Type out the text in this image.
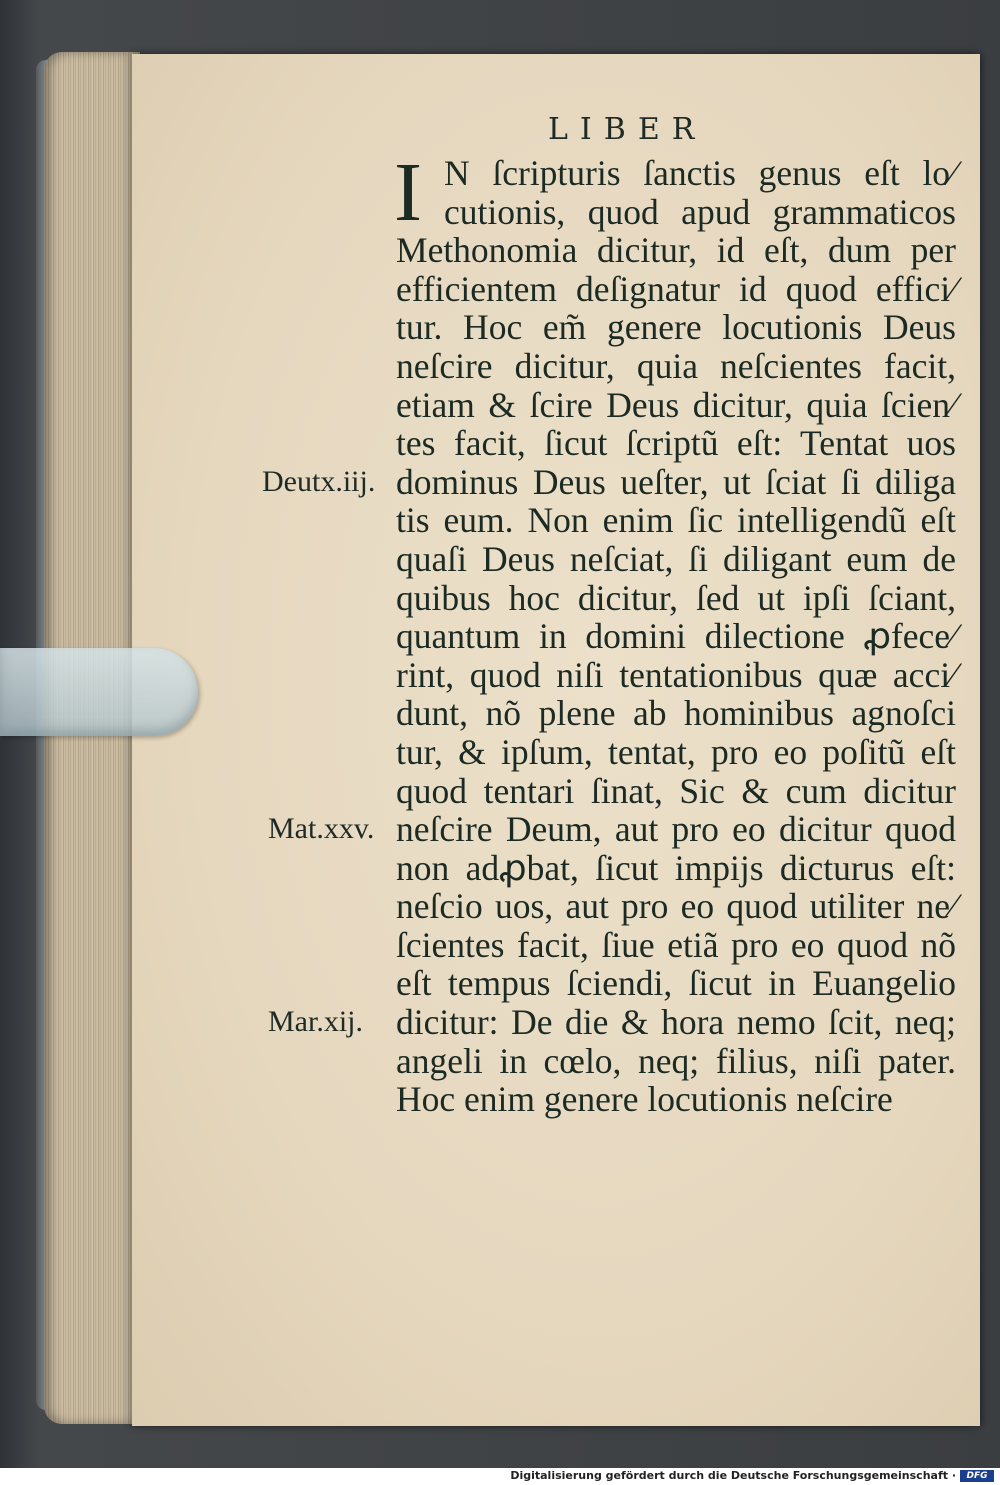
LIBER
I N ſcripturis ſanctis genus eſt lo⁄
cutionis, quod apud grammaticos
Methonomia dicitur, id eſt, dum per
efficientem deſignatur id quod effici⁄
tur. Hoc em̃ genere locutionis Deus
neſcire dicitur, quia neſcientes facit,
etiam & ſcire Deus dicitur, quia ſcien⁄
tes facit, ſicut ſcriptũ eſt: Tentat uos
dominus Deus ueſter, ut ſciat ſi diliga
tis eum. Non enim ſic intelligendũ eſt
quaſi Deus neſciat, ſi diligant eum de
quibus hoc dicitur, ſed ut ipſi ſciant,
quantum in domini dilectione ꝓfece⁄
rint, quod niſi tentationibus quæ acci⁄
dunt, nõ plene ab hominibus agnoſci
tur, & ipſum, tentat, pro eo poſitũ eſt
quod tentari ſinat, Sic & cum dicitur
neſcire Deum, aut pro eo dicitur quod
non adꝓbat, ſicut impijs dicturus eſt:
neſcio uos, aut pro eo quod utiliter ne⁄
ſcientes facit, ſiue etiã pro eo quod nõ
eſt tempus ſciendi, ſicut in Euangelio
dicitur: De die & hora nemo ſcit, neq;
angeli in cœlo, neq; filius, niſi pater.
Hoc enim genere locutionis neſcire
Deutx.iij.
Mat.xxv.
Mar.xij.
Digitalisierung gefördert durch die Deutsche Forschungsgemeinschaft ·	DFG
